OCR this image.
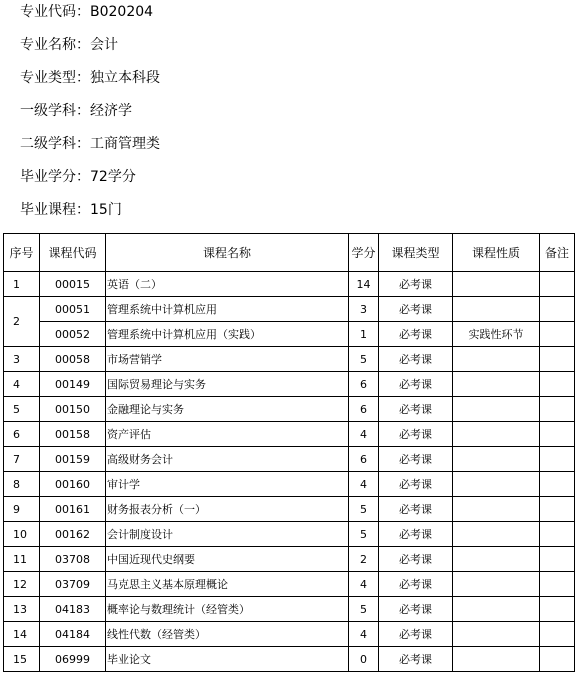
专业代码：B020204
专业名称：会计
专业类型：独立本科段
一级学科：经济学
二级学科：工商管理类
毕业学分：72学分
毕业课程：15门
序号	课程代码	课程名称	学分	课程类型	课程性质	备注
1	00015	英语（二）	14	必考课		
2	00051	管理系统中计算机应用	3	必考课		
	00052	管理系统中计算机应用（实践）	1	必考课	实践性环节	
3	00058	市场营销学	5	必考课		
4	00149	国际贸易理论与实务	6	必考课		
5	00150	金融理论与实务	6	必考课		
6	00158	资产评估	4	必考课		
7	00159	高级财务会计	6	必考课		
8	00160	审计学	4	必考课		
9	00161	财务报表分析（一）	5	必考课		
10	00162	会计制度设计	5	必考课		
11	03708	中国近现代史纲要	2	必考课		
12	03709	马克思主义基本原理概论	4	必考课		
13	04183	概率论与数理统计（经管类）	5	必考课		
14	04184	线性代数（经管类）	4	必考课		
15	06999	毕业论文	0	必考课		
